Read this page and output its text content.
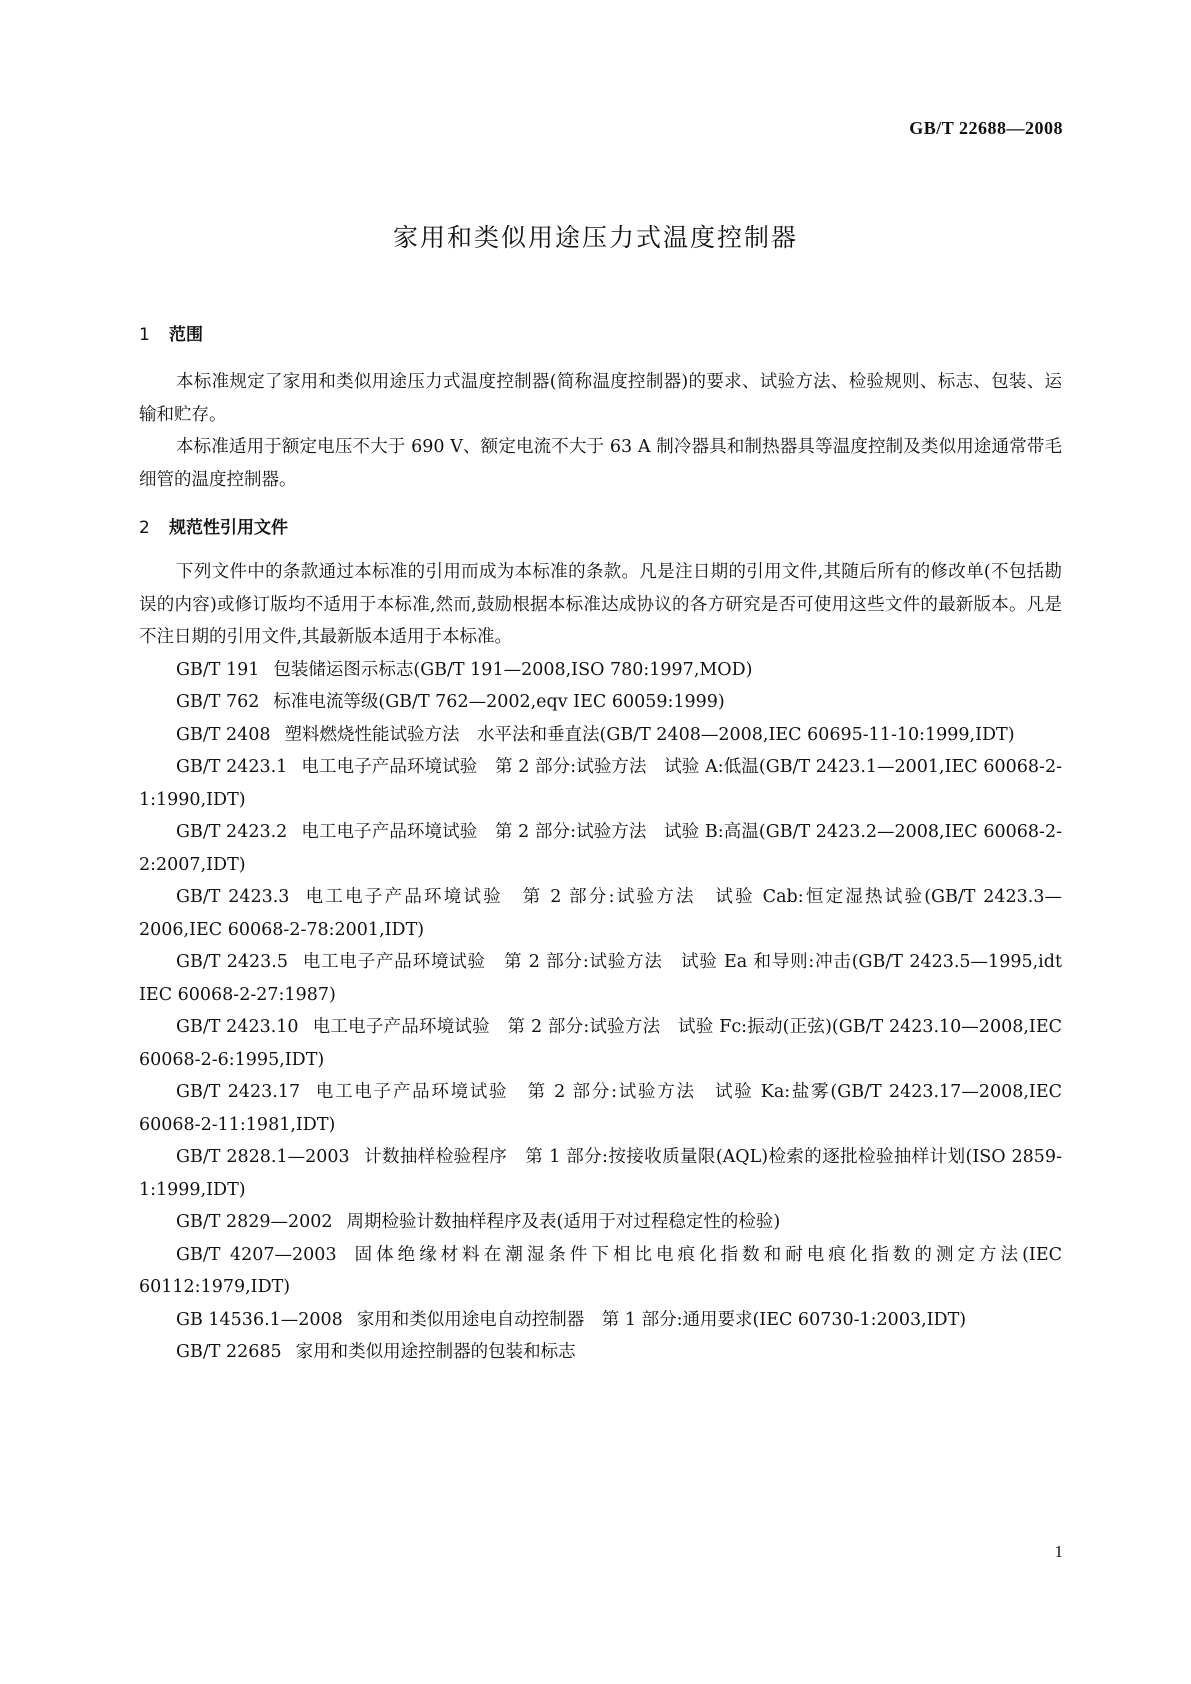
GB/T 22688—2008
家用和类似用途压力式温度控制器
1 范围

本标准规定了家用和类似用途压力式温度控制器(简称温度控制器)的要求、试验方法、检验规则、标志、包装、运输和贮存。

本标准适用于额定电压不大于 690 V、额定电流不大于 63 A 制冷器具和制热器具等温度控制及类似用途通常带毛细管的温度控制器。

2 规范性引用文件

下列文件中的条款通过本标准的引用而成为本标准的条款。凡是注日期的引用文件,其随后所有的修改单(不包括勘误的内容)或修订版均不适用于本标准,然而,鼓励根据本标准达成协议的各方研究是否可使用这些文件的最新版本。凡是不注日期的引用文件,其最新版本适用于本标准。

GB/T 191 包装储运图示标志(GB/T 191—2008,ISO 780:1997,MOD)

GB/T 762 标准电流等级(GB/T 762—2002,eqv IEC 60059:1999)

GB/T 2408 塑料燃烧性能试验方法　水平法和垂直法(GB/T 2408—2008,IEC 60695-11-10:1999,IDT)

GB/T 2423.1 电工电子产品环境试验　第 2 部分:试验方法　试验 A:低温(GB/T 2423.1—2001,IEC 60068-2-1:1990,IDT)

GB/T 2423.2 电工电子产品环境试验　第 2 部分:试验方法　试验 B:高温(GB/T 2423.2—2008,IEC 60068-2-2:2007,IDT)

GB/T 2423.3 电工电子产品环境试验　第 2 部分:试验方法　试验 Cab:恒定湿热试验(GB/T 2423.3—2006,IEC 60068-2-78:2001,IDT)

GB/T 2423.5 电工电子产品环境试验　第 2 部分:试验方法　试验 Ea 和导则:冲击(GB/T 2423.5—1995,idt IEC 60068-2-27:1987)

GB/T 2423.10 电工电子产品环境试验　第 2 部分:试验方法　试验 Fc:振动(正弦)(GB/T 2423.10—2008,IEC 60068-2-6:1995,IDT)

GB/T 2423.17 电工电子产品环境试验　第 2 部分:试验方法　试验 Ka:盐雾(GB/T 2423.17—2008,IEC 60068-2-11:1981,IDT)

GB/T 2828.1—2003 计数抽样检验程序　第 1 部分:按接收质量限(AQL)检索的逐批检验抽样计划(ISO 2859-1:1999,IDT)

GB/T 2829—2002 周期检验计数抽样程序及表(适用于对过程稳定性的检验)

GB/T 4207—2003 固体绝缘材料在潮湿条件下相比电痕化指数和耐电痕化指数的测定方法(IEC 60112:1979,IDT)

GB 14536.1—2008 家用和类似用途电自动控制器　第 1 部分:通用要求(IEC 60730-1:2003,IDT)

GB/T 22685 家用和类似用途控制器的包装和标志

1
